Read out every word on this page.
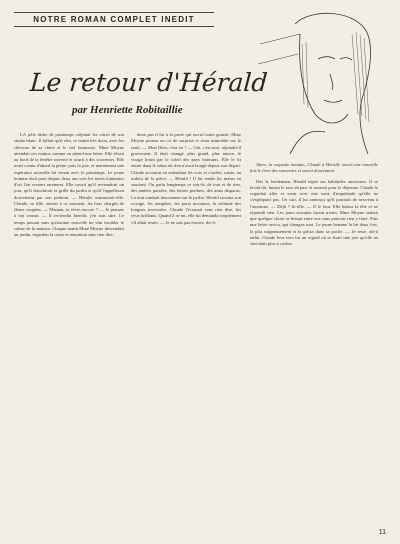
NOTRE ROMAN COMPLET INEDIT
Le retour d'Hérald
par Henriette Robitaillie

LA jolie tâche de printemps crépitait les vitres de son studio blanc. Il fallait qu'il vînt, ce matin très doux, avec les cheveux de sa chère et le ciel lumineux. Mme Moyne attendait ces matins comme on attend une lettre. Elle rêvait au bord de la fenêtre ouverte et sourit à des souvenirs. Elle avait connu d'abord la peine, puis la joie, et maintenant une espérance nouvelle lui venait avec le printemps. Le jeune homme était parti depuis deux ans vers les terres lointaines d'où l'on revient rarement. Elle savait qu'il reviendrait un jour, qu'il franchirait la grille du jardin et qu'il l'appellerait doucement par son prénom. — Hérald, murmurait-elle. Claude, sa fille, entrait à ce moment, les bras chargés de fleurs coupées. — Maman, tu rêves encore ? — Je pensais à ton cousin. — Il reviendra bientôt, j'en suis sûre. Le temps passait sans qu'aucune nouvelle ne vînt troubler le calme de la maison. Chaque matin Mme Moyne descendait au jardin, regardait la route et remontait sans rien dire.

deux pas il fut à la porte qui ouvrit toute grande. Mme Moyne poussa un cri de surprise et resta immobile sur le seuil. — Mon Dieu, c'est toi ! — Oui, c'est moi, répondit-il gravement. Il était changé, plus grand, plus mince, le visage bruni par le soleil des pays lointains. Elle le fit entrer dans le salon où rien n'avait bougé depuis son départ. Claude accourut en entendant les voix et s'arrêta, saisie, au milieu de la pièce. — Hérald ! Il lui tendit les mains en souriant. On parla longtemps ce soir-là, de tout et de rien, des années passées, des lettres perdues, des amis disparus. La nuit tombait doucement sur le jardin. Hérald raconta son voyage, les tempêtes, les ports inconnus, la solitude des longues traversées. Claude l'écoutait sans rien dire, les yeux brillants. Quand il se tut, elle lui demanda simplement s'il allait rester. — Je ne sais pas encore, dit-il.

Alors, la coquette maman, Claude à Hérald, ouvrit une nouvelle fois le livre des souvenirs et sourit doucement.

Dès le lendemain, Hérald reprit ses habitudes anciennes. Il se levait tôt, faisait le tour du parc et rentrait pour le déjeuner. Claude le regardait aller et venir avec une sorte d'inquiétude qu'elle ne s'expliquait pas. Un soir, il lui annonça qu'il partirait de nouveau à l'automne. — Déjà ? fit-elle. — Il le faut. Elle baissa la tête et ne répondit rien. Les jours suivants furent tristes. Mme Moyne sentait que quelque chose se brisait entre eux sans pouvoir rien y faire. Puis une lettre arriva, qui changea tout. Le jeune homme la lut deux fois, la plia soigneusement et la glissa dans sa poche. — Je reste, dit-il enfin. Claude leva vers lui un regard où se lisait une joie qu'elle ne cherchait plus à cacher.

11
